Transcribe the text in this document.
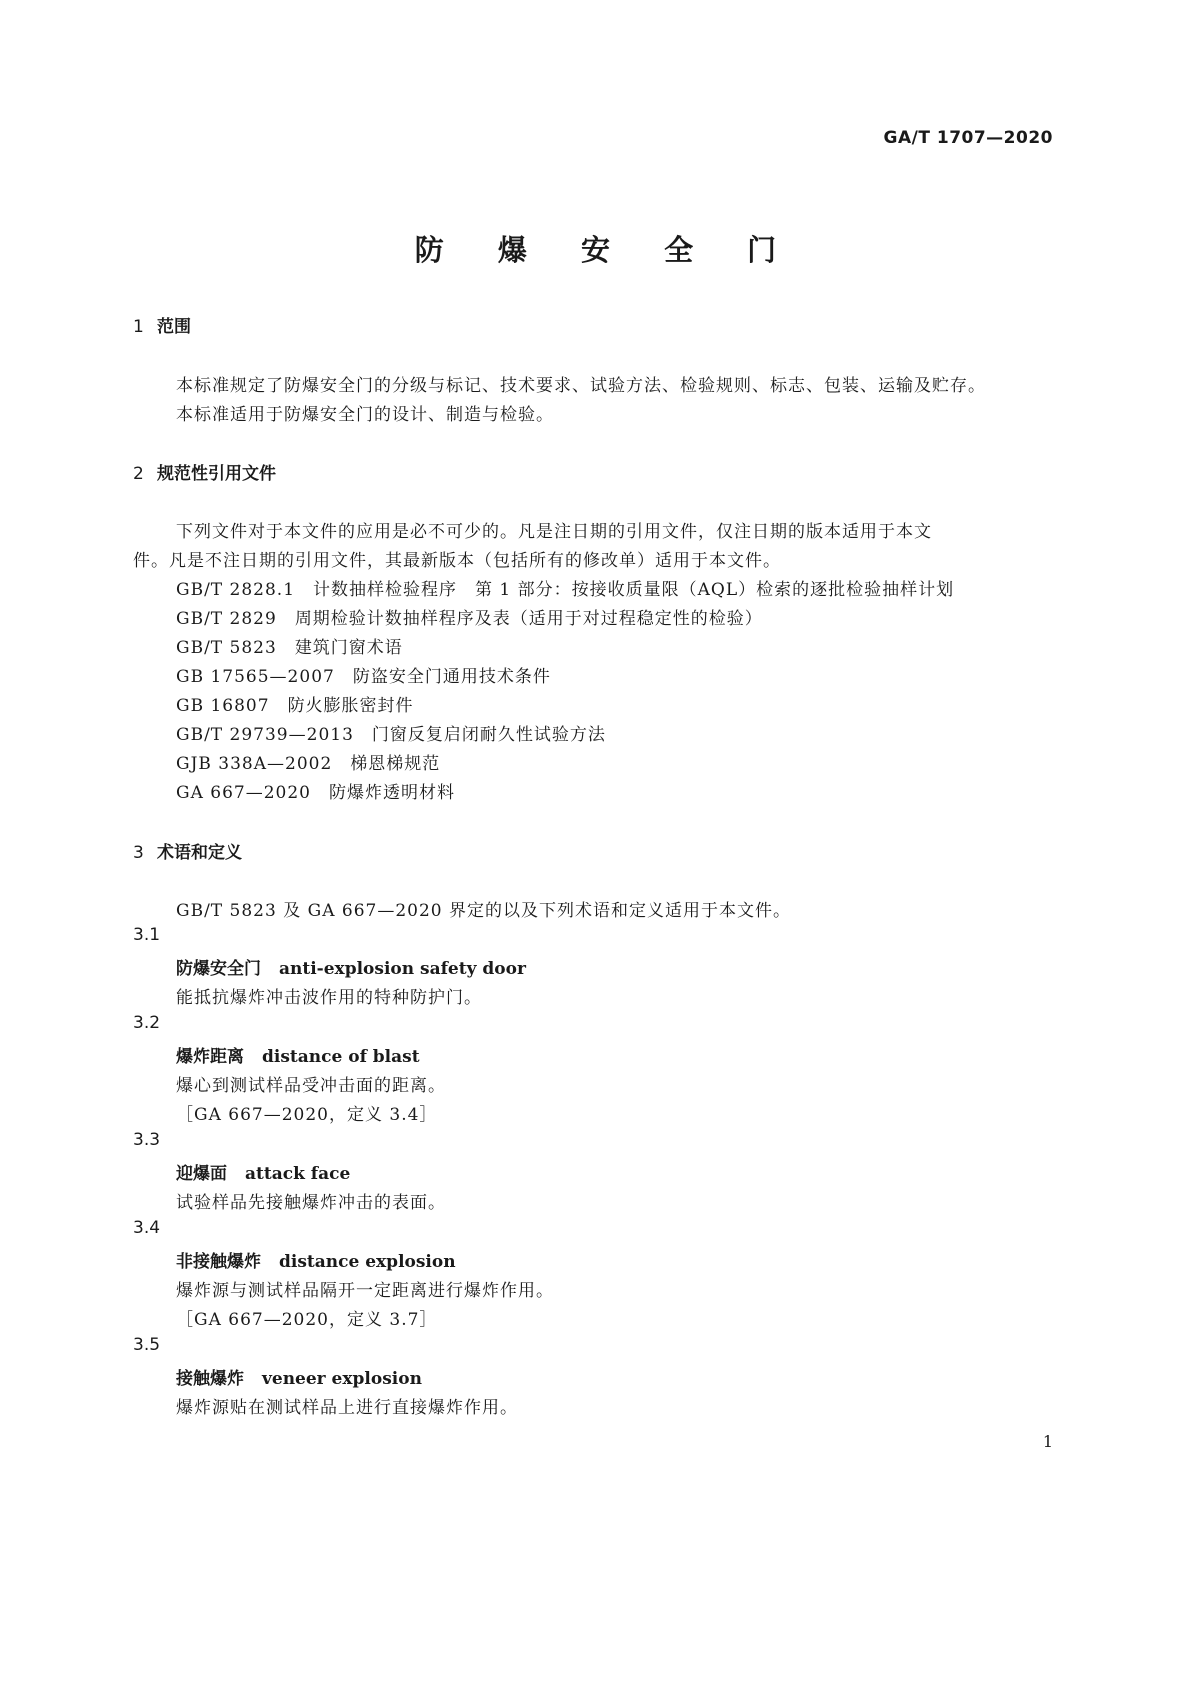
GA/T 1707—2020
防 爆 安 全 门
1 范围
本标准规定了防爆安全门的分级与标记、技术要求、试验方法、检验规则、标志、包装、运输及贮存。
本标准适用于防爆安全门的设计、制造与检验。
2 规范性引用文件
下列文件对于本文件的应用是必不可少的。凡是注日期的引用文件，仅注日期的版本适用于本文
件。凡是不注日期的引用文件，其最新版本（包括所有的修改单）适用于本文件。
GB/T 2828.1 计数抽样检验程序　第 1 部分：按接收质量限（AQL）检索的逐批检验抽样计划
GB/T 2829 周期检验计数抽样程序及表（适用于对过程稳定性的检验）
GB/T 5823 建筑门窗术语
GB 17565—2007 防盗安全门通用技术条件
GB 16807 防火膨胀密封件
GB/T 29739—2013 门窗反复启闭耐久性试验方法
GJB 338A—2002 梯恩梯规范
GA 667—2020 防爆炸透明材料
3 术语和定义
GB/T 5823 及 GA 667—2020 界定的以及下列术语和定义适用于本文件。
3.1
防爆安全门 anti-explosion safety door
能抵抗爆炸冲击波作用的特种防护门。
3.2
爆炸距离 distance of blast
爆心到测试样品受冲击面的距离。
［GA 667—2020，定义 3.4］
3.3
迎爆面 attack face
试验样品先接触爆炸冲击的表面。
3.4
非接触爆炸 distance explosion
爆炸源与测试样品隔开一定距离进行爆炸作用。
［GA 667—2020，定义 3.7］
3.5
接触爆炸 veneer explosion
爆炸源贴在测试样品上进行直接爆炸作用。
1
